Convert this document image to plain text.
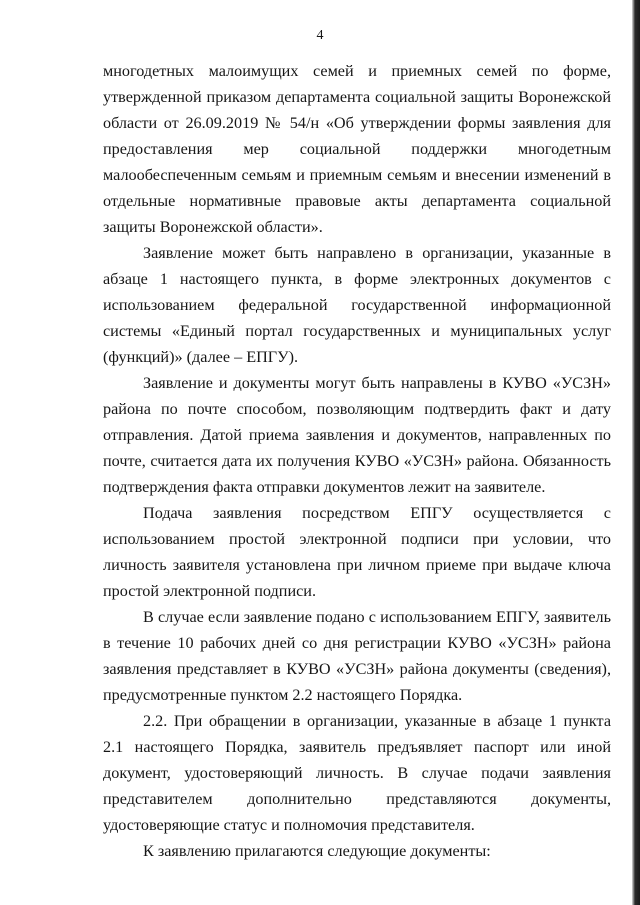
4

многодетных малоимущих семей и приемных семей по форме, утвержденной приказом департамента социальной защиты Воронежской области от 26.09.2019 № 54/н «Об утверждении формы заявления для предоставления мер социальной поддержки многодетным малообеспеченным семьям и приемным семьям и внесении изменений в отдельные нормативные правовые акты департамента социальной защиты Воронежской области».

Заявление может быть направлено в организации, указанные в абзаце 1 настоящего пункта, в форме электронных документов с использованием федеральной государственной информационной системы «Единый портал государственных и муниципальных услуг (функций)» (далее – ЕПГУ).

Заявление и документы могут быть направлены в КУВО «УСЗН» района по почте способом, позволяющим подтвердить факт и дату отправления. Датой приема заявления и документов, направленных по почте, считается дата их получения КУВО «УСЗН» района. Обязанность подтверждения факта отправки документов лежит на заявителе.

Подача заявления посредством ЕПГУ осуществляется с использованием простой электронной подписи при условии, что личность заявителя установлена при личном приеме при выдаче ключа простой электронной подписи.

В случае если заявление подано с использованием ЕПГУ, заявитель в течение 10 рабочих дней со дня регистрации КУВО «УСЗН» района заявления представляет в КУВО «УСЗН» района документы (сведения), предусмотренные пунктом 2.2 настоящего Порядка.

2.2. При обращении в организации, указанные в абзаце 1 пункта 2.1 настоящего Порядка, заявитель предъявляет паспорт или иной документ, удостоверяющий личность. В случае подачи заявления представителем дополнительно представляются документы, удостоверяющие статус и полномочия представителя.

К заявлению прилагаются следующие документы:
